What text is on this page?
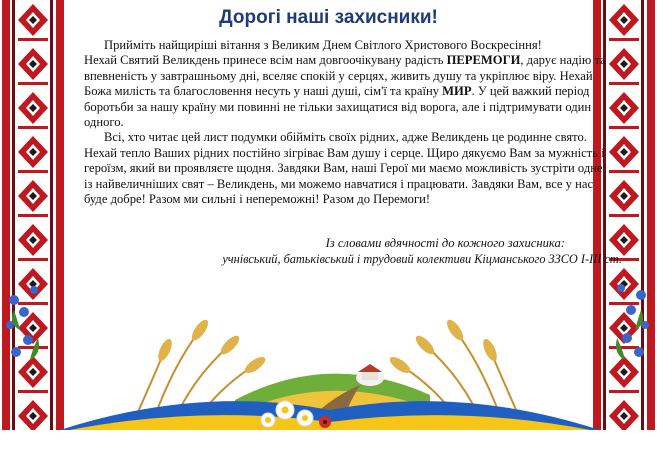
Дорогі наші захисники!

Прийміть найщиріші вітання з Великим Днем Світлого Христового Воскресіння!

Нехай Святий Великдень принесе всім нам довгоочікувану радість ПЕРЕМОГИ, дарує надію та впевненість у завтрашньому дні, вселяє спокій у серцях, живить душу та укріплює віру. Нехай Божа милість та благословення несуть у наші душі, сім'ї та країну МИР. У цей важкий період боротьби за нашу країну ми повинні не тільки захищатися від ворога, але і підтримувати один одного.

Всі, хто читає цей лист подумки обійміть своїх рідних, адже Великдень це родинне свято. Нехай тепло Ваших рідних постійно зігріває Вам душу і серце. Щиро дякуємо Вам за мужність і героїзм, який ви проявляєте щодня. Завдяки Вам, наші Герої ми маємо можливість зустріти одне із найвеличніших свят – Великдень, ми можемо навчатися і працювати. Завдяки Вам, все у нас буде добре! Разом ми сильні і непереможні! Разом до Перемоги!

Із словами вдячності до кожного захисника:
учнівський, батьківський і трудовий колективи Кіцманського ЗЗСО І-ІІІ ст.
